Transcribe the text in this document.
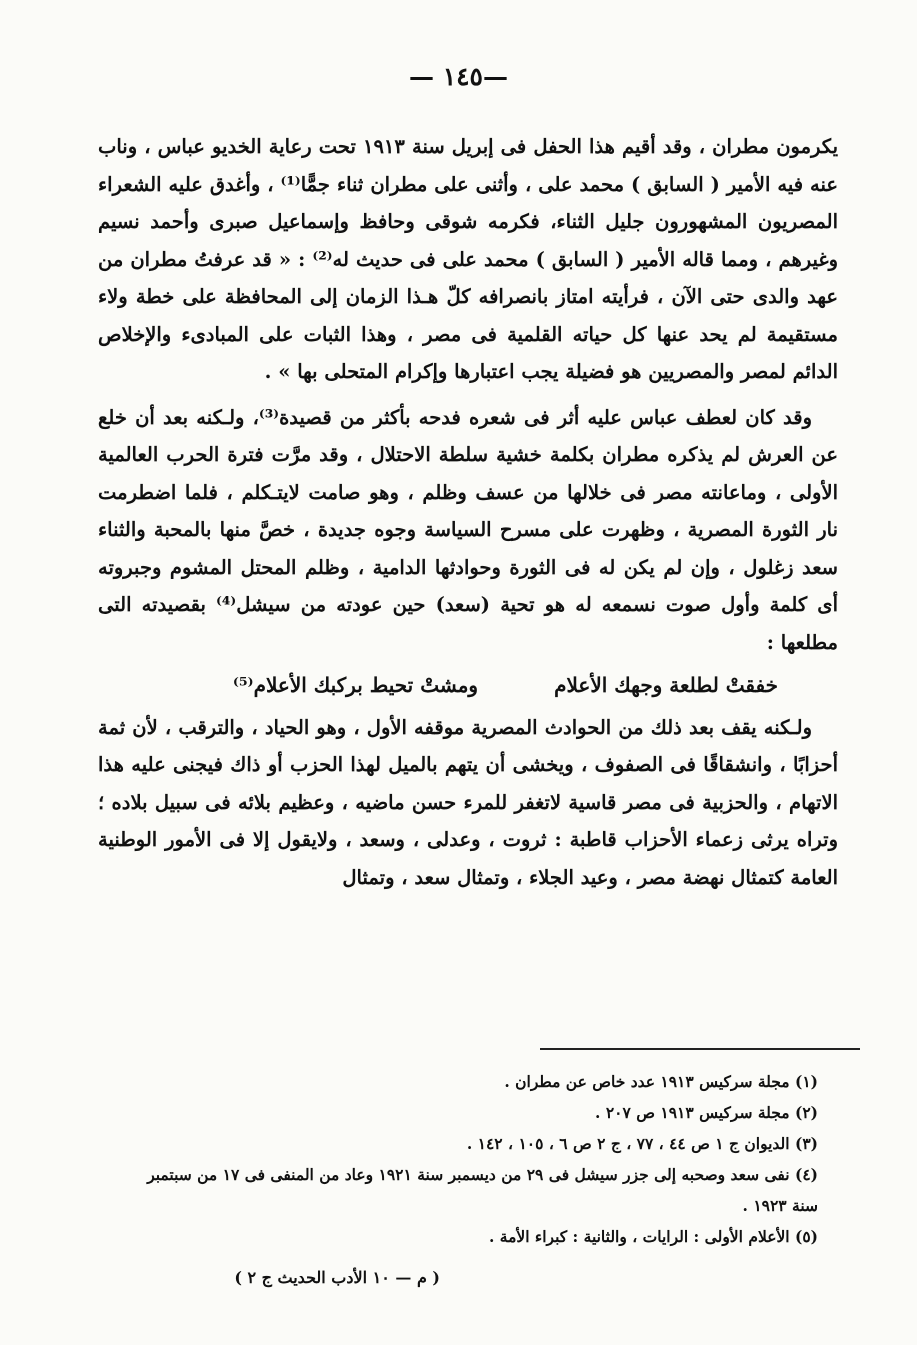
—١٤٥ —

يكرمون مطران ، وقد أقيم هذا الحفل فى إبريل سنة ١٩١٣ تحت رعاية الخديو عباس ، وناب عنه فيه الأمير ( السابق ) محمد على ، وأثنى على مطران ثناء جمًّا⁽¹⁾ ، وأغدق عليه الشعراء المصريون المشهورون جليل الثناء، فكرمه شوقى وحافظ وإسماعيل صبرى وأحمد نسيم وغيرهم ، ومما قاله الأمير ( السابق ) محمد على فى حديث له⁽²⁾ : « قد عرفتُ مطران من عهد والدى حتى الآن ، فرأيته امتاز بانصرافه كلّ هـذا الزمان إلى المحافظة على خطة ولاء مستقيمة لم يحد عنها كل حياته القلمية فى مصر ، وهذا الثبات على المبادىء والإخلاص الدائم لمصر والمصريين هو فضيلة يجب اعتبارها وإكرام المتحلى بها » .

وقد كان لعطف عباس عليه أثر فى شعره فدحه بأكثر من قصيدة⁽³⁾، ولـكنه بعد أن خلع عن العرش لم يذكره مطران بكلمة خشية سلطة الاحتلال ، وقد مرَّت فترة الحرب العالمية الأولى ، وماعانته مصر فى خلالها من عسف وظلم ، وهو صامت لايتـكلم ، فلما اضطرمت نار الثورة المصرية ، وظهرت على مسرح السياسة وجوه جديدة ، خصَّ منها بالمحبة والثناء سعد زغلول ، وإن لم يكن له فى الثورة وحوادثها الدامية ، وظلم المحتل المشوم وجبروته أى كلمة وأول صوت نسمعه له هو تحية (سعد) حين عودته من سيشل⁽⁴⁾ بقصيدته التى مطلعها :

خفقتْ لطلعة وجهك الأعلام
ومشتْ تحيط بركبك الأعلام⁽⁵⁾

ولـكنه يقف بعد ذلك من الحوادث المصرية موقفه الأول ، وهو الحياد ، والترقب ، لأن ثمة أحزابًا ، وانشقاقًا فى الصفوف ، ويخشى أن يتهم بالميل لهذا الحزب أو ذاك فيجنى عليه هذا الاتهام ، والحزبية فى مصر قاسية لاتغفر للمرء حسن ماضيه ، وعظيم بلائه فى سبيل بلاده ؛ وتراه يرثى زعماء الأحزاب قاطبة : ثروت ، وعدلى ، وسعد ، ولايقول إلا فى الأمور الوطنية العامة كتمثال نهضة مصر ، وعيد الجلاء ، وتمثال سعد ، وتمثال

(١) مجلة سركيس ١٩١٣ عدد خاص عن مطران .

(٢) مجلة سركيس ١٩١٣ ص ٢٠٧ .

(٣) الديوان ج ١ ص ٤٤ ، ٧٧ ، ج ٢ ص ٦ ، ١٠٥ ، ١٤٢ .

(٤) نفى سعد وصحبه إلى جزر سيشل فى ٢٩ من ديسمبر سنة ١٩٢١ وعاد من المنفى فى ١٧ من سبتمبر سنة ١٩٢٣ .

(٥) الأعلام الأولى : الرايات ، والثانية : كبراء الأمة .

( م — ١٠ الأدب الحديث ج ٢ )
